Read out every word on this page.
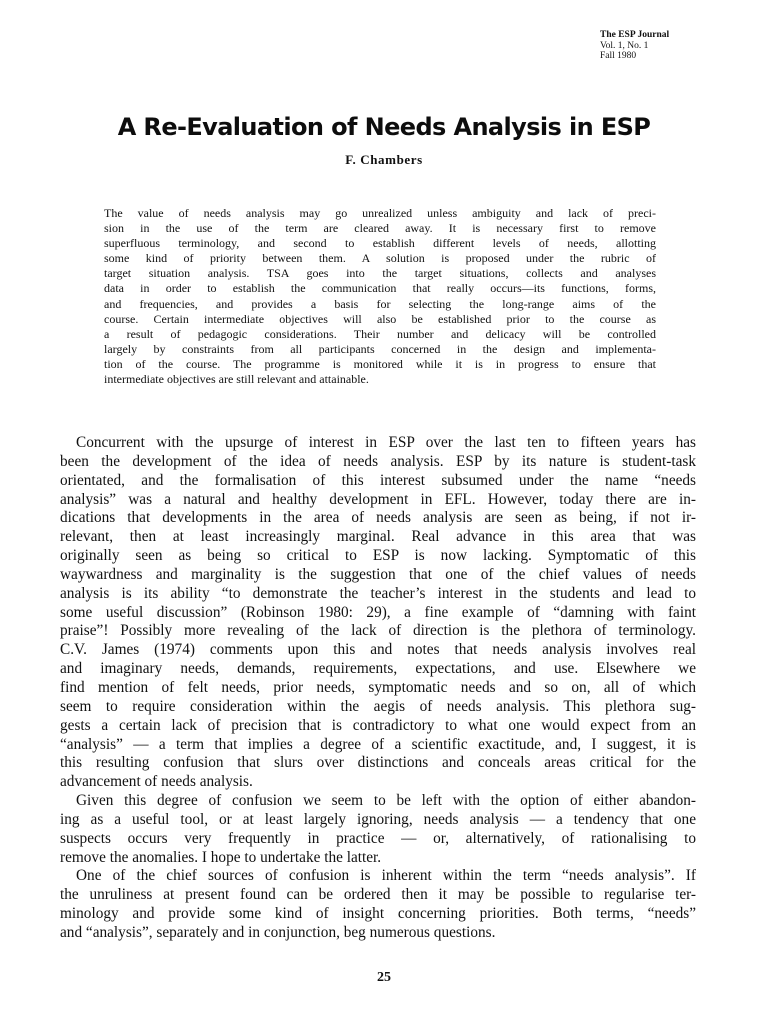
The ESP Journal
Vol. 1, No. 1
Fall 1980
A Re-Evaluation of Needs Analysis in ESP
F. Chambers
The value of needs analysis may go unrealized unless ambiguity and lack of preci-
sion in the use of the term are cleared away. It is necessary first to remove
superfluous terminology, and second to establish different levels of needs, allotting
some kind of priority between them. A solution is proposed under the rubric of
target situation analysis. TSA goes into the target situations, collects and analyses
data in order to establish the communication that really occurs—its functions, forms,
and frequencies, and provides a basis for selecting the long-range aims of the
course. Certain intermediate objectives will also be established prior to the course as
a result of pedagogic considerations. Their number and delicacy will be controlled
largely by constraints from all participants concerned in the design and implementa-
tion of the course. The programme is monitored while it is in progress to ensure that
intermediate objectives are still relevant and attainable.
Concurrent with the upsurge of interest in ESP over the last ten to fifteen years has
been the development of the idea of needs analysis. ESP by its nature is student-task
orientated, and the formalisation of this interest subsumed under the name “needs
analysis” was a natural and healthy development in EFL. However, today there are in-
dications that developments in the area of needs analysis are seen as being, if not ir-
relevant, then at least increasingly marginal. Real advance in this area that was
originally seen as being so critical to ESP is now lacking. Symptomatic of this
waywardness and marginality is the suggestion that one of the chief values of needs
analysis is its ability “to demonstrate the teacher’s interest in the students and lead to
some useful discussion” (Robinson 1980: 29), a fine example of “damning with faint
praise”! Possibly more revealing of the lack of direction is the plethora of terminology.
C.V. James (1974) comments upon this and notes that needs analysis involves real
and imaginary needs, demands, requirements, expectations, and use. Elsewhere we
find mention of felt needs, prior needs, symptomatic needs and so on, all of which
seem to require consideration within the aegis of needs analysis. This plethora sug-
gests a certain lack of precision that is contradictory to what one would expect from an
“analysis” — a term that implies a degree of a scientific exactitude, and, I suggest, it is
this resulting confusion that slurs over distinctions and conceals areas critical for the
advancement of needs analysis.
Given this degree of confusion we seem to be left with the option of either abandon-
ing as a useful tool, or at least largely ignoring, needs analysis — a tendency that one
suspects occurs very frequently in practice — or, alternatively, of rationalising to
remove the anomalies. I hope to undertake the latter.
One of the chief sources of confusion is inherent within the term “needs analysis”. If
the unruliness at present found can be ordered then it may be possible to regularise ter-
minology and provide some kind of insight concerning priorities. Both terms, “needs”
and “analysis”, separately and in conjunction, beg numerous questions.
25
